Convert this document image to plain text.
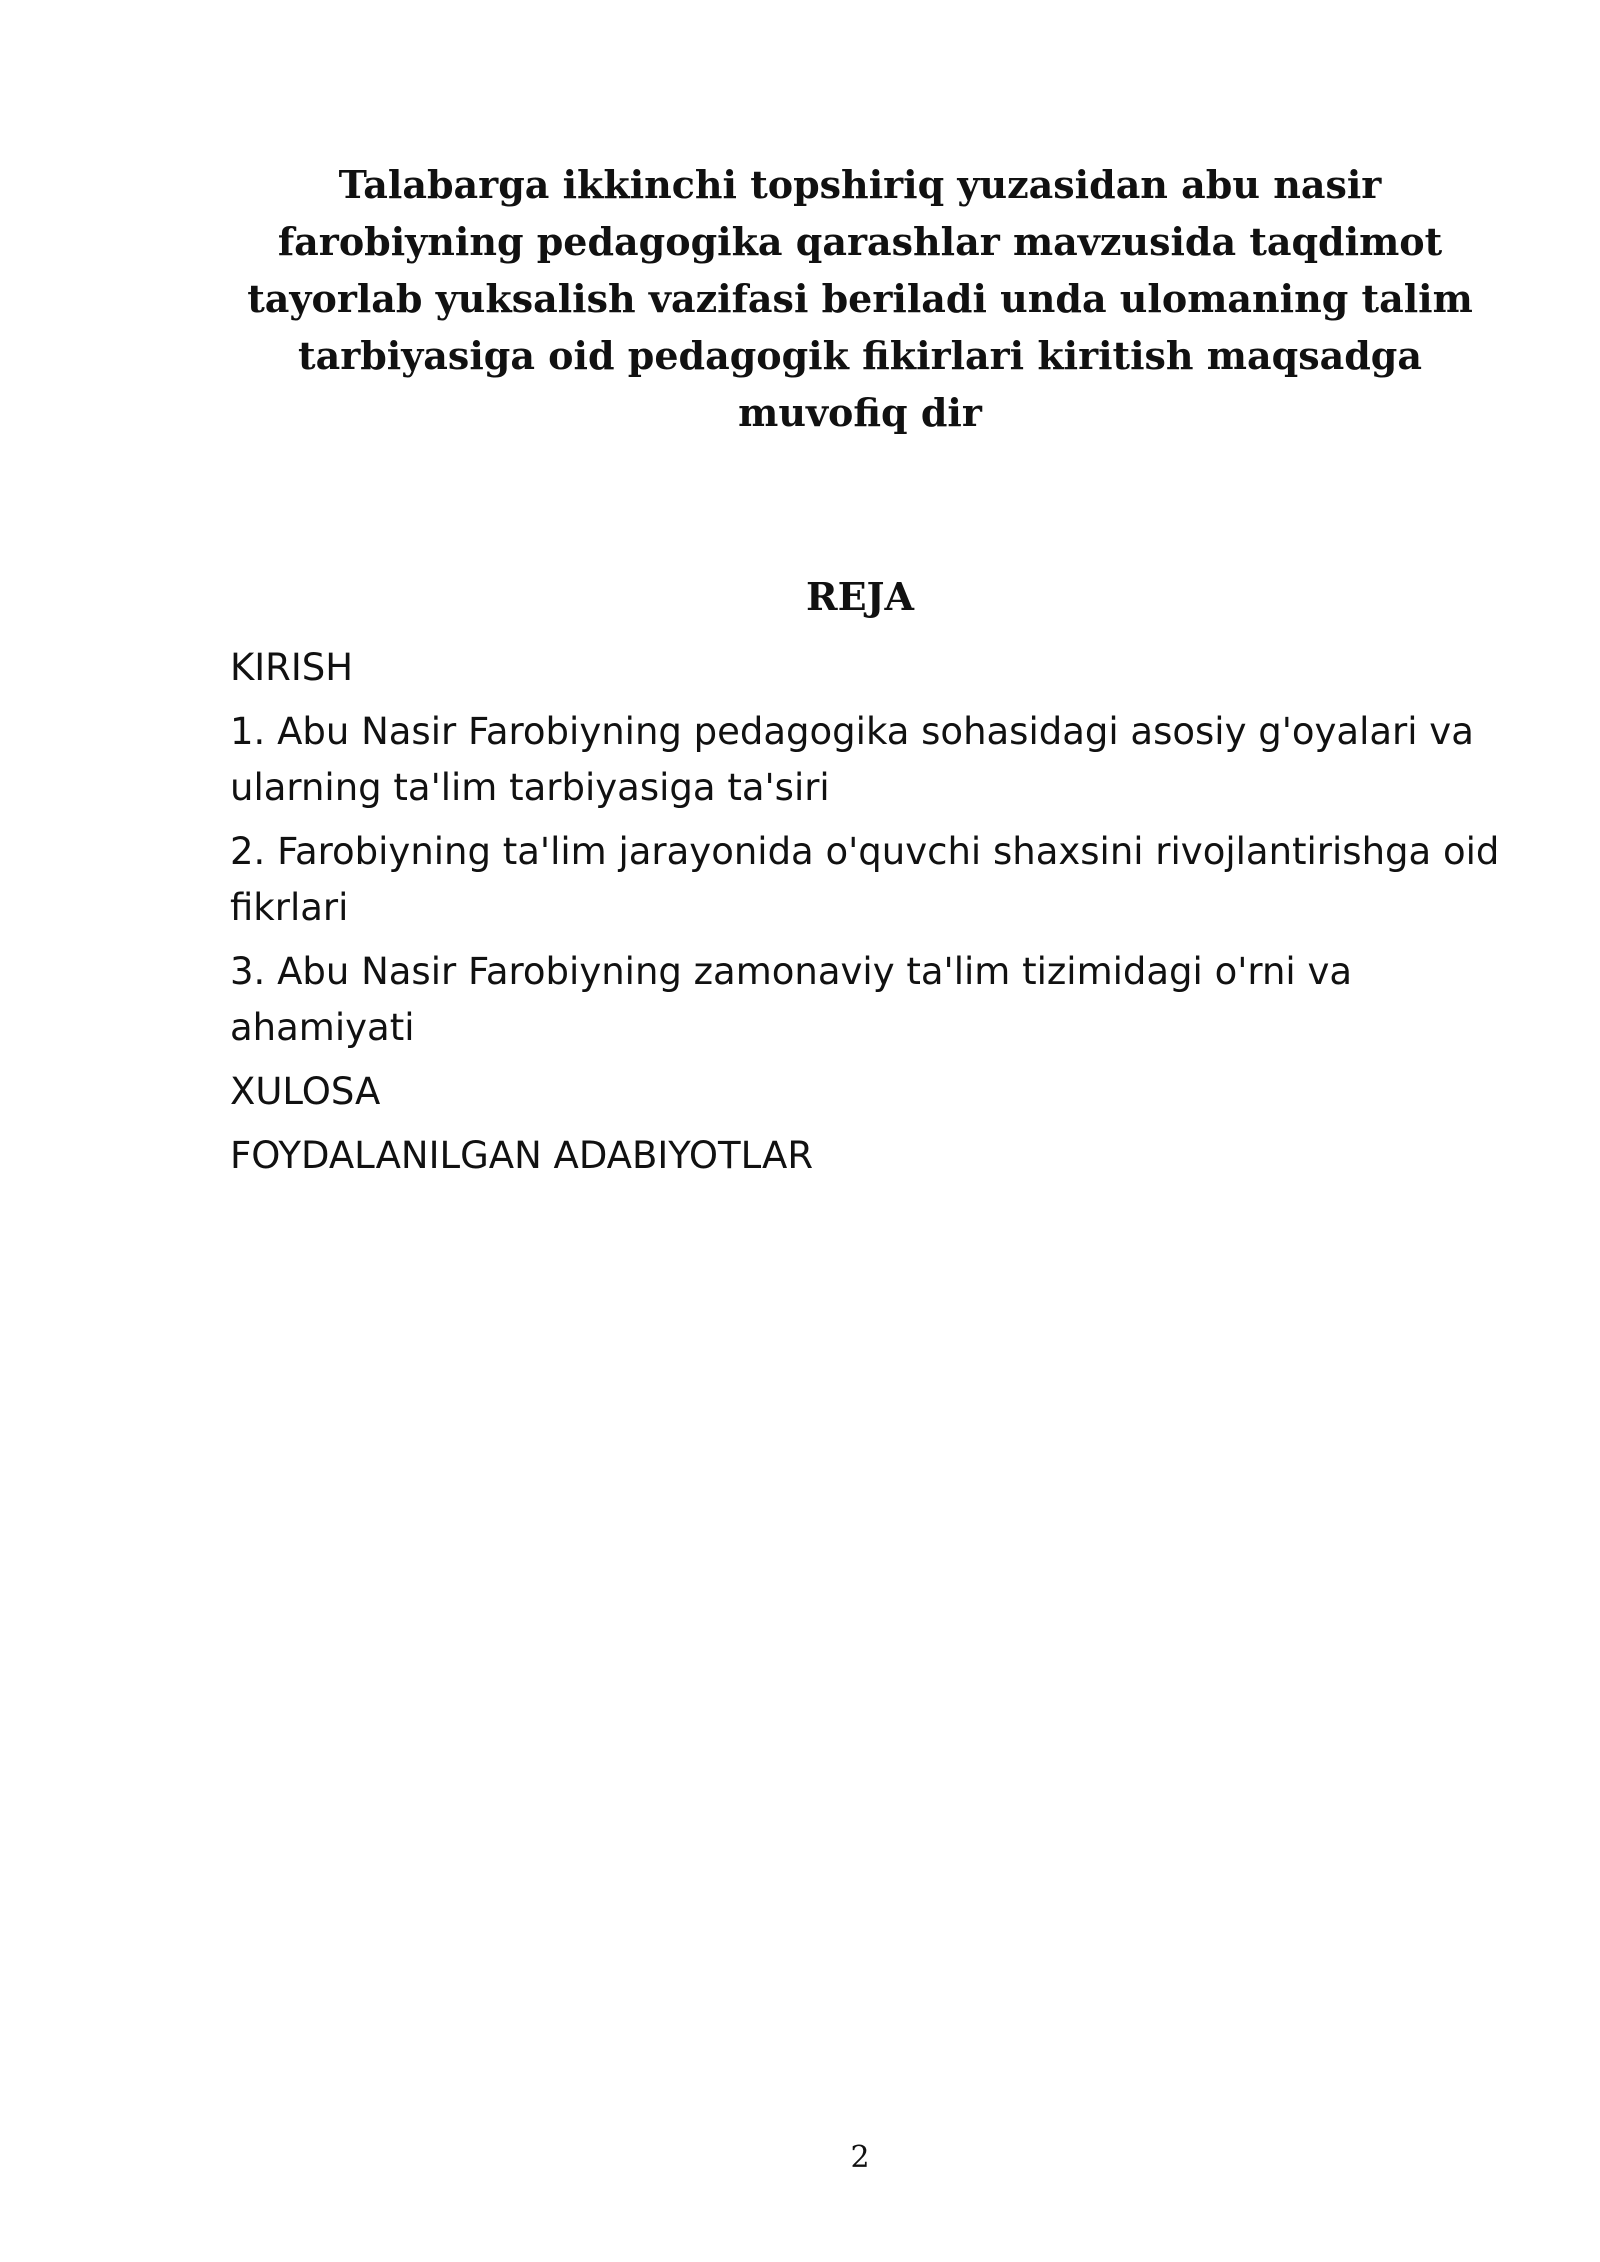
Talabarga ikkinchi topshiriq yuzasidan abu nasir farobiyning pedagogika qarashlar mavzusida taqdimot tayorlab yuksalish vazifasi beriladi unda ulomaning talim tarbiyasiga oid pedagogik fikirlari kiritish maqsadga muvofiq dir

REJA

KIRISH
1. Abu Nasir Farobiyning pedagogika sohasidagi asosiy g'oyalari va ularning ta'lim tarbiyasiga ta'siri
2. Farobiyning ta'lim jarayonida o'quvchi shaxsini rivojlantirishga oid fikrlari
3. Abu Nasir Farobiyning zamonaviy ta'lim tizimidagi o'rni va ahamiyati
XULOSA
FOYDALANILGAN ADABIYOTLAR
2
